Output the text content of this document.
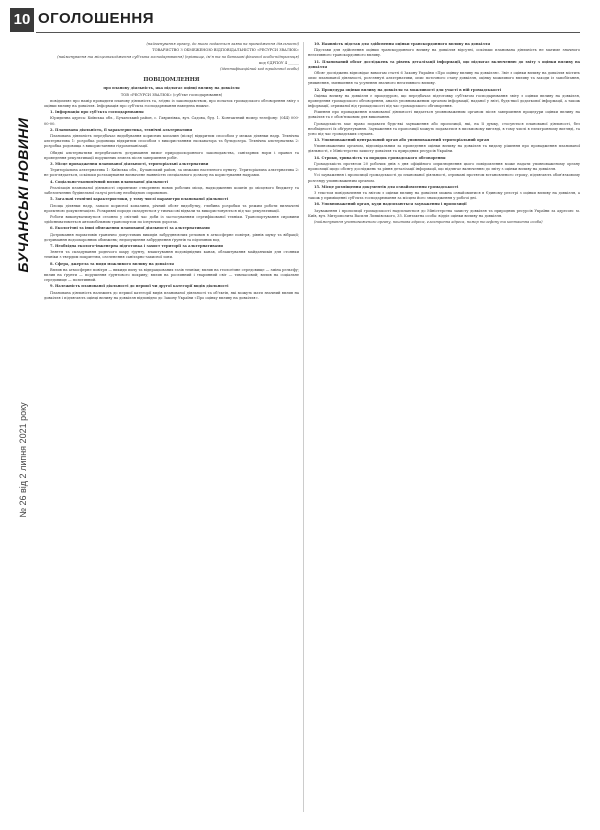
10 ОГОЛОШЕННЯ
БУЧАНСЬКІ НОВИНИ
№ 26 від 2 липня 2021 року

(найменування органу, до якого подається заява на провадження діяльності)

ТОВАРИСТВО З ОБМЕЖЕНОЮ ВІДПОВІДАЛЬНІСТЮ «РЕСУРСИ ЗВАЛЮК»

(найменування та місцезнаходження суб'єкта господарювання) (прізвище, ім'я та по батькові фізичної особи-підприємця)

код ЄДРПОУ 4 ______

(ідентифікаційний код юридичної особи)

ПОВІДОМЛЕННЯ

про планову діяльність, яка підлягає оцінці впливу на довкілля

ТОВ «РЕСУРСИ ЗВАЛЮК» (суб'єкт господарювання)

повідомляє про намір провадити планову діяльність та, згідно із законодавством, про початок громадського обговорення звіту з оцінки впливу на довкілля. Інформація про суб'єкта господарювання наведена нижче.

1. Інформація про суб'єкта господарювання

Юридична адреса: Київська обл., Бучанський район, с. Гаврилівка, вул. Садова, буд. 1. Контактний номер телефону: (044) 000-00-00.

2. Планована діяльність, її характеристика, технічні альтернативи

Планована діяльність передбачає видобування корисних копалин (піску) відкритим способом у межах ділянки надр. Технічна альтернатива 1: розробка родовища відкритим способом з використанням екскаватора та бульдозера. Технічна альтернатива 2: розробка родовища з використанням гідромеханізації.

Обидві альтернативи передбачають дотримання вимог природоохоронного законодавства, санітарних норм і правил та проведення рекультивації порушених земель після завершення робіт.

3. Місце провадження планованої діяльності, територіальні альтернативи

Територіальна альтернатива 1: Київська обл., Бучанський район, за межами населеного пункту. Територіальна альтернатива 2: не розглядається, оскільки розташування визначене наявністю спеціального дозволу на користування надрами.

4. Соціально-економічний вплив планованої діяльності

Реалізація планованої діяльності сприятиме створенню нових робочих місць, надходженню коштів до місцевого бюджету та забезпеченню будівельної галузі регіону необхідною сировиною.

5. Загальні технічні характеристики, у тому числі параметри планованої діяльності

Площа ділянки надр, запаси корисної копалини, річний обсяг видобутку, глибина розробки та режим роботи визначені проєктною документацією. Розкривні породи складуються у тимчасові відвали та використовуються під час рекультивації.

Роботи виконуватимуться сезонно у світлий час доби із застосуванням сертифікованої техніки. Транспортування сировини здійснюватиметься автомобільним транспортом по існуючих дорогах.

6. Екологічні та інші обмеження планованої діяльності за альтернативами

Дотримання нормативів гранично допустимих викидів забруднюючих речовин в атмосферне повітря, рівнів шуму та вібрації; дотримання водоохоронних обмежень; недопущення забруднення ґрунтів та підземних вод.

7. Необхідна еколого-інженерна підготовка і захист території за альтернативами

Зняття та складування родючого шару ґрунту, влаштування водовідвідних канав, облаштування майданчиків для стоянки техніки з твердим покриттям, озеленення санітарно-захисної зони.

8. Сфера, джерела та види можливого впливу на довкілля

Вплив на атмосферне повітря — викиди пилу та відпрацьованих газів техніки; вплив на геологічне середовище — зміна рельєфу; вплив на ґрунти — порушення ґрунтового покриву; вплив на рослинний і тваринний світ — тимчасовий; вплив на соціальне середовище — позитивний.

9. Належність планованої діяльності до першої чи другої категорії видів діяльності

Планована діяльність належить до першої категорії видів планованої діяльності та об'єктів, які можуть мати значний вплив на довкілля і підлягають оцінці впливу на довкілля відповідно до Закону України «Про оцінку впливу на довкілля».

10. Наявність підстав для здійснення оцінки транскордонного впливу на довкілля

Підстави для здійснення оцінки транскордонного впливу на довкілля відсутні, оскільки планована діяльність не матиме значного негативного транскордонного впливу.

11. Планований обсяг досліджень та рівень деталізації інформації, що підлягає включенню до звіту з оцінки впливу на довкілля

Обсяг досліджень відповідає вимогам статті 6 Закону України «Про оцінку впливу на довкілля». Звіт з оцінки впливу на довкілля містить опис планованої діяльності, розглянуті альтернативи, опис поточного стану довкілля, оцінку можливого впливу та заходи із запобігання, уникнення, зменшення та усунення значного негативного впливу.

12. Процедура оцінки впливу на довкілля та можливості для участі в ній громадськості

Оцінка впливу на довкілля є процедурою, що передбачає підготовку суб'єктом господарювання звіту з оцінки впливу на довкілля, проведення громадського обговорення, аналіз уповноваженим органом інформації, наданої у звіті, будь-якої додаткової інформації, а також інформації, отриманої від громадськості під час громадського обговорення.

Рішення про провадження планованої діяльності видається уповноваженим органом після завершення процедури оцінки впливу на довкілля та є обов'язковим для виконання.

Громадськість має право подавати будь-які зауваження або пропозиції, які, на її думку, стосуються планованої діяльності, без необхідності їх обґрунтування. Зауваження та пропозиції можуть подаватися в письмовому вигляді, в тому числі в електронному вигляді, та усно під час громадських слухань.

13. Уповноважений центральний орган або уповноважений територіальний орган

Уповноваженим органом, відповідальним за проведення оцінки впливу на довкілля та видачу рішення про провадження планованої діяльності, є Міністерство захисту довкілля та природних ресурсів України.

14. Строки, тривалість та порядок громадського обговорення

Громадськість протягом 20 робочих днів з дня офіційного оприлюднення цього повідомлення може надати уповноваженому органу пропозиції щодо обсягу досліджень та рівня деталізації інформації, що підлягає включенню до звіту з оцінки впливу на довкілля.

Усі зауваження і пропозиції громадськості до планованої діяльності, отримані протягом встановленого строку, підлягають обов'язковому розгляду уповноваженим органом.

15. Місце розміщення документів для ознайомлення громадськості

З текстом повідомлення та звітом з оцінки впливу на довкілля можна ознайомитися в Єдиному реєстрі з оцінки впливу на довкілля, а також у приміщенні суб'єкта господарювання за місцем його знаходження у робочі дні.

16. Уповноважений орган, куди надсилаються зауваження і пропозиції

Зауваження і пропозиції громадськості надсилаються до Міністерства захисту довкілля та природних ресурсів України за адресою: м. Київ, вул. Митрополита Василя Липківського, 35. Контактна особа: відділ оцінки впливу на довкілля.

(найменування уповноваженого органу, поштова адреса, електронна адреса, номер телефону та контактна особа)
